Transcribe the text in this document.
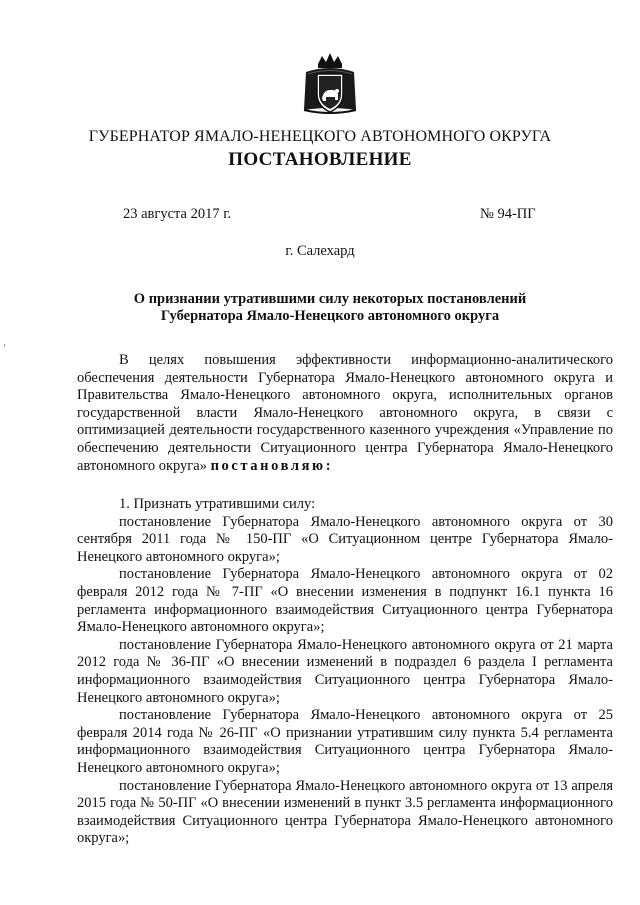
ГУБЕРНАТОР ЯМАЛО-НЕНЕЦКОГО АВТОНОМНОГО ОКРУГА
ПОСТАНОВЛЕНИЕ
23 августа 2017 г.	№ 94-ПГ
г. Салехард
О признании утратившими силу некоторых постановлений
Губернатора Ямало-Ненецкого автономного округа

В целях повышения эффективности информационно-аналитического обеспечения деятельности Губернатора Ямало-Ненецкого автономного округа и Правительства Ямало-Ненецкого автономного округа, исполнительных органов государственной власти Ямало-Ненецкого автономного округа, в связи с оптимизацией деятельности государственного казенного учреждения «Управление по обеспечению деятельности Ситуационного центра Губернатора Ямало-Ненецкого автономного округа» постановляю:

1. Признать утратившими силу:

постановление Губернатора Ямало-Ненецкого автономного округа от 30 сентября 2011 года № 150-ПГ «О Ситуационном центре Губернатора Ямало-Ненецкого автономного округа»;

постановление Губернатора Ямало-Ненецкого автономного округа от 02 февраля 2012 года № 7-ПГ «О внесении изменения в подпункт 16.1 пункта 16 регламента информационного взаимодействия Ситуационного центра Губернатора Ямало-Ненецкого автономного округа»;

постановление Губернатора Ямало-Ненецкого автономного округа от 21 марта 2012 года № 36-ПГ «О внесении изменений в подраздел 6 раздела I регламента информационного взаимодействия Ситуационного центра Губернатора Ямало-Ненецкого автономного округа»;

постановление Губернатора Ямало-Ненецкого автономного округа от 25 февраля 2014 года № 26-ПГ «О признании утратившим силу пункта 5.4 регламента информационного взаимодействия Ситуационного центра Губернатора Ямало-Ненецкого автономного округа»;

постановление Губернатора Ямало-Ненецкого автономного округа от 13 апреля 2015 года № 50-ПГ «О внесении изменений в пункт 3.5 регламента информационного взаимодействия Ситуационного центра Губернатора Ямало-Ненецкого автономного округа»;
